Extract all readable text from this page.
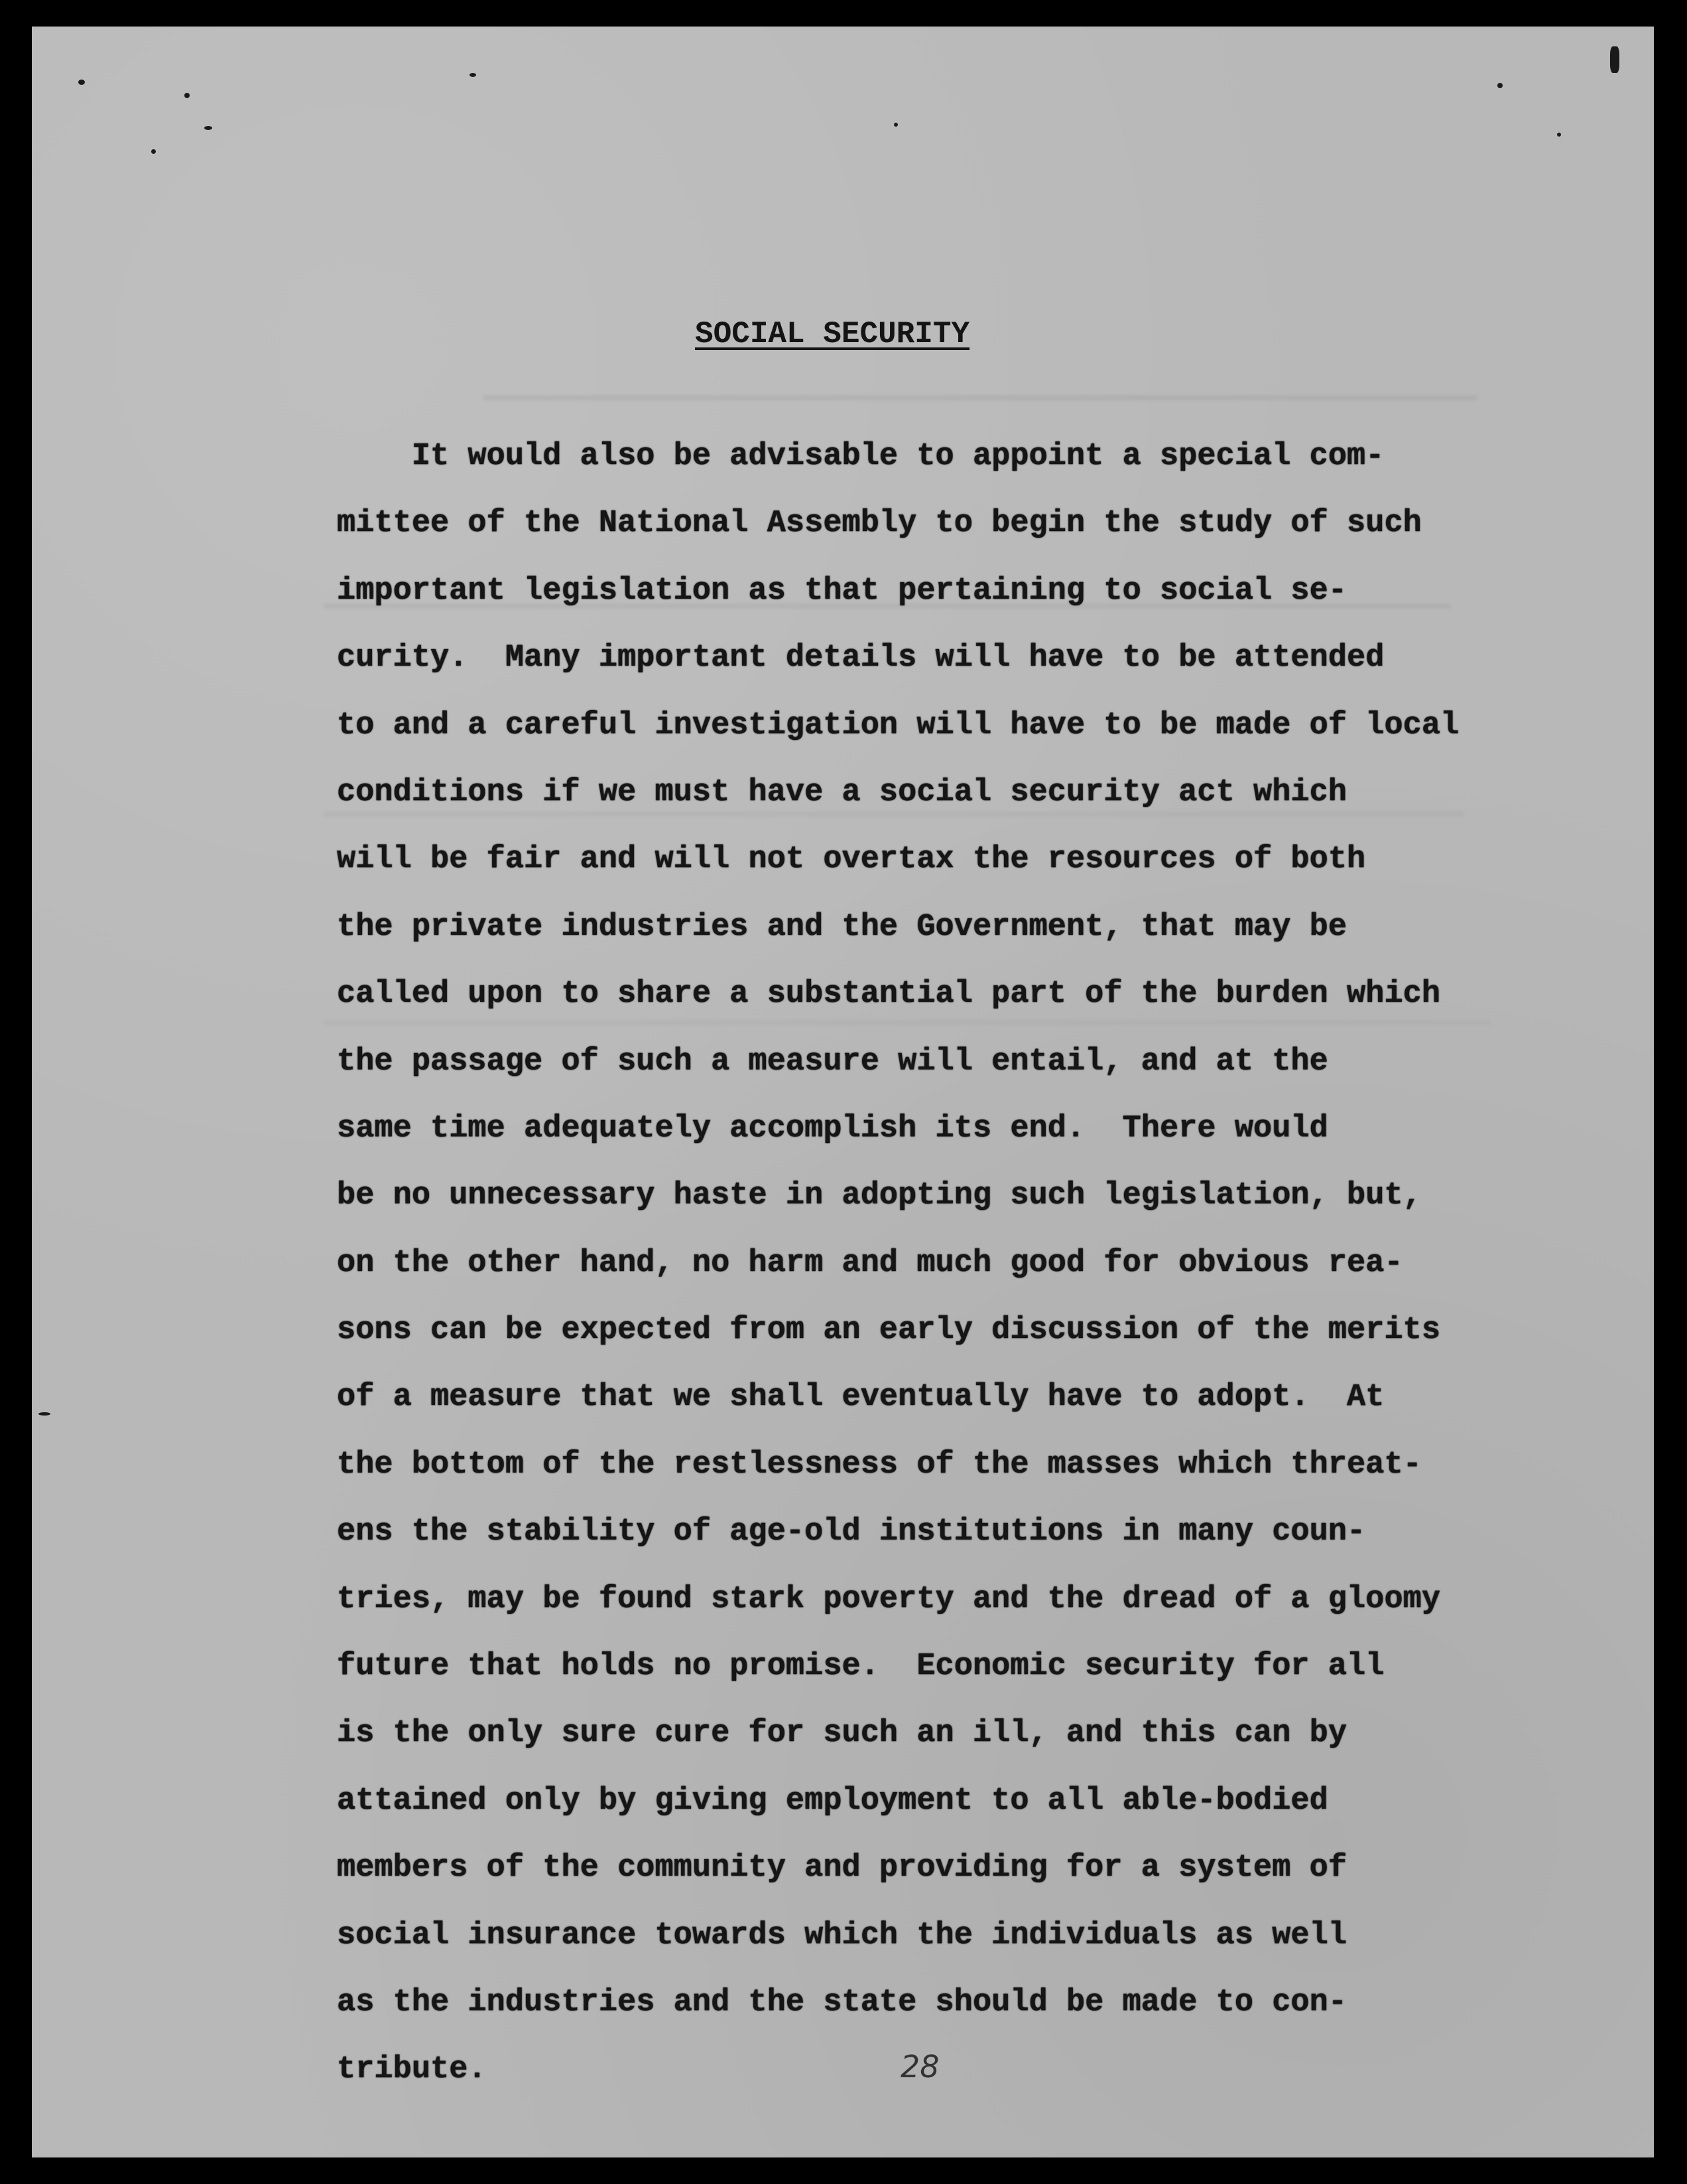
SOCIAL SECURITY
It would also be advisable to appoint a special com-
mittee of the National Assembly to begin the study of such
important legislation as that pertaining to social se-
curity.  Many important details will have to be attended
to and a careful investigation will have to be made of local
conditions if we must have a social security act which
will be fair and will not overtax the resources of both
the private industries and the Government, that may be
called upon to share a substantial part of the burden which
the passage of such a measure will entail, and at the
same time adequately accomplish its end.  There would
be no unnecessary haste in adopting such legislation, but,
on the other hand, no harm and much good for obvious rea-
sons can be expected from an early discussion of the merits
of a measure that we shall eventually have to adopt.  At
the bottom of the restlessness of the masses which threat-
ens the stability of age-old institutions in many coun-
tries, may be found stark poverty and the dread of a gloomy
future that holds no promise.  Economic security for all
is the only sure cure for such an ill, and this can by
attained only by giving employment to all able-bodied
members of the community and providing for a system of
social insurance towards which the individuals as well
as the industries and the state should be made to con-
tribute.	28
